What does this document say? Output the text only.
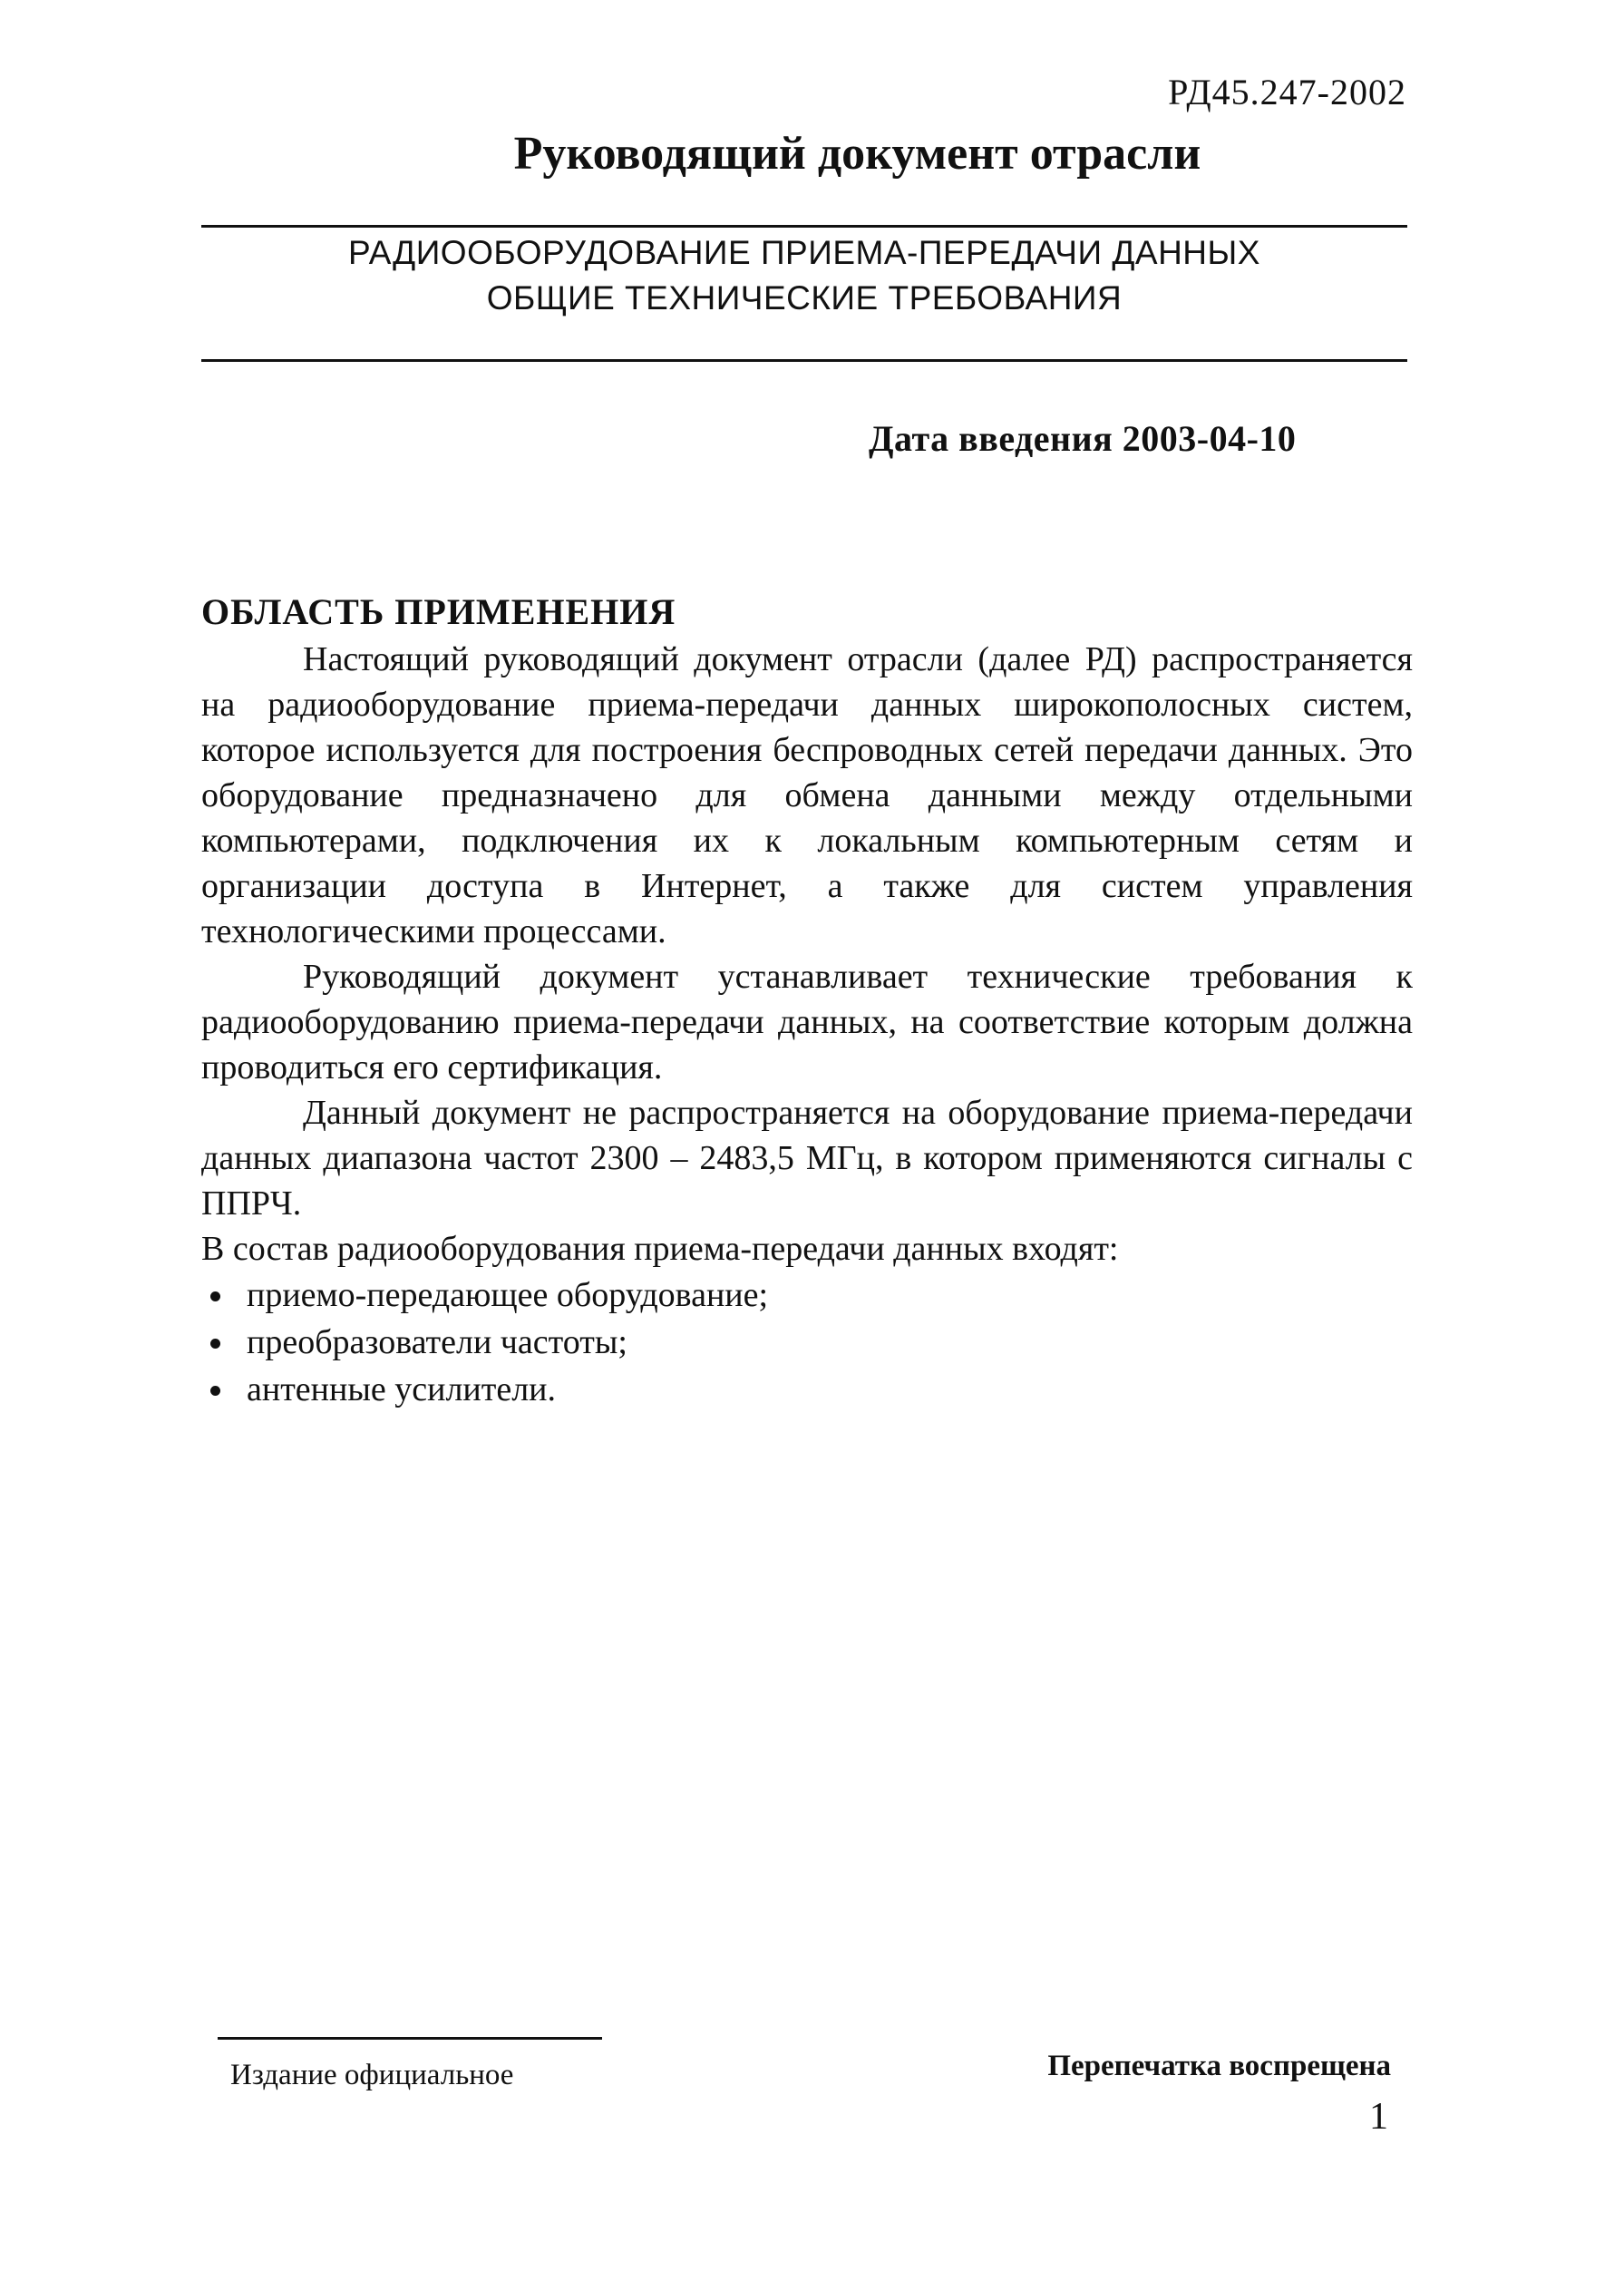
РД45.247-2002
Руководящий документ отрасли
РАДИООБОРУДОВАНИЕ ПРИЕМА-ПЕРЕДАЧИ ДАННЫХ
ОБЩИЕ ТЕХНИЧЕСКИЕ ТРЕБОВАНИЯ
Дата введения 2003-04-10
ОБЛАСТЬ ПРИМЕНЕНИЯ

Настоящий руководящий документ отрасли (далее РД) распространяется на радиооборудование приема-передачи данных широкополосных систем, которое используется для построения беспроводных сетей передачи данных. Это оборудование предназначено для обмена данными между отдельными компьютерами, подключения их к локальным компьютерным сетям и организации доступа в Интернет, а также для систем управления технологическими процессами.

Руководящий документ устанавливает технические требования к радиооборудованию приема-передачи данных, на соответствие которым должна проводиться его сертификация.

Данный документ не распространяется на оборудование приема-передачи данных диапазона частот 2300 – 2483,5 МГц, в котором применяются сигналы с ППРЧ.

В состав радиооборудования приема-передачи данных входят:

приемо-передающее оборудование;
преобразователи частоты;
антенные усилители.
Издание официальное	Перепечатка воспрещена
1
